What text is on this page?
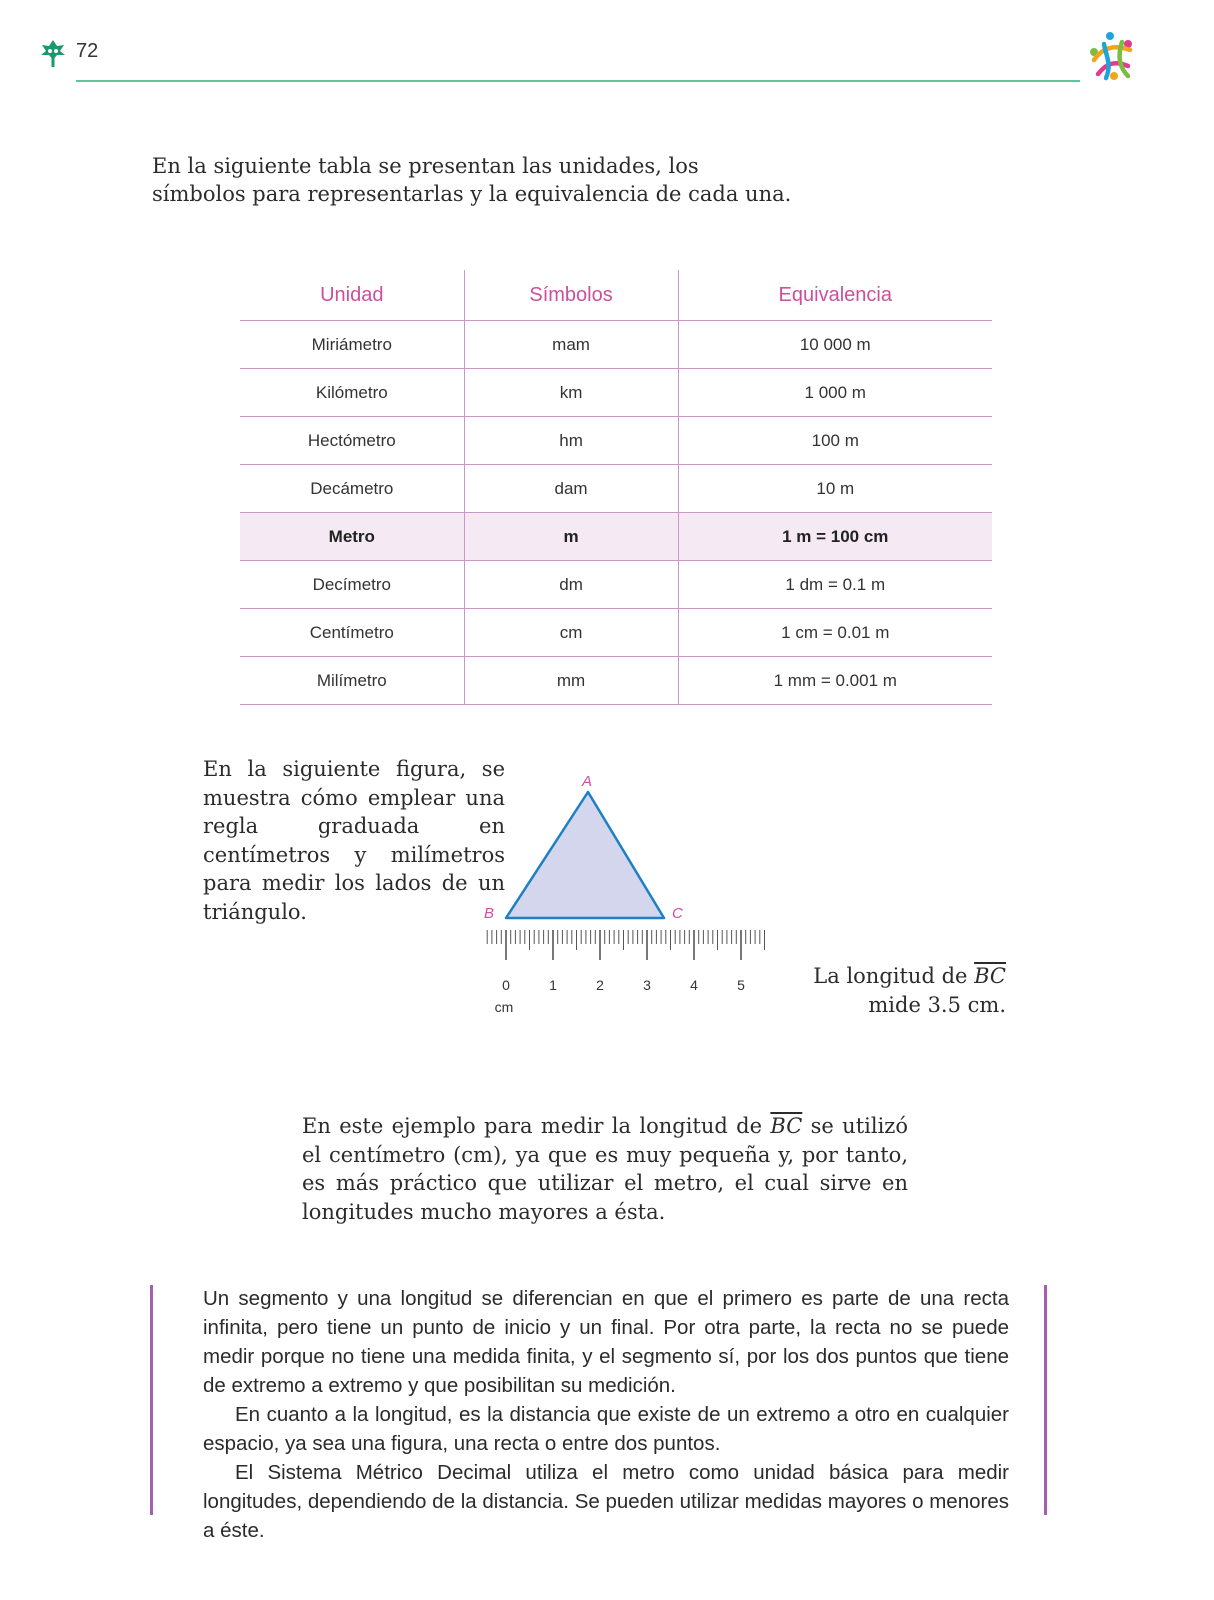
72

En la siguiente tabla se presentan las unidades, los símbolos para representarlas y la equivalencia de cada una.

Unidad	Símbolos	Equivalencia
Miriámetro	mam	10 000 m
Kilómetro	km	1 000 m
Hectómetro	hm	100 m
Decámetro	dam	10 m
Metro	m	1 m = 100 cm
Decímetro	dm	1 dm = 0.1 m
Centímetro	cm	1 cm = 0.01 m
Milímetro	mm	1 mm = 0.001 m

En la siguiente figura, se muestra cómo emplear una regla graduada en centímetros y milímetros para medir los lados de un triángulo.

A
B	C
0	1	2	3	4	5
cm

La longitud de $\overline{BC}$ mide 3.5 cm.

En este ejemplo para medir la longitud de $\overline{BC}$ se utilizó el centímetro (cm), ya que es muy pequeña y, por tanto, es más práctico que utilizar el metro, el cual sirve en longitudes mucho mayores a ésta.

Un segmento y una longitud se diferencian en que el primero es parte de una recta infinita, pero tiene un punto de inicio y un final. Por otra parte, la recta no se puede medir porque no tiene una medida finita, y el segmento sí, por los dos puntos que tiene de extremo a extremo y que posibilitan su medición.

En cuanto a la longitud, es la distancia que existe de un extremo a otro en cualquier espacio, ya sea una figura, una recta o entre dos puntos.

El Sistema Métrico Decimal utiliza el metro como unidad básica para medir longitudes, dependiendo de la distancia. Se pueden utilizar medidas mayores o menores a éste.
